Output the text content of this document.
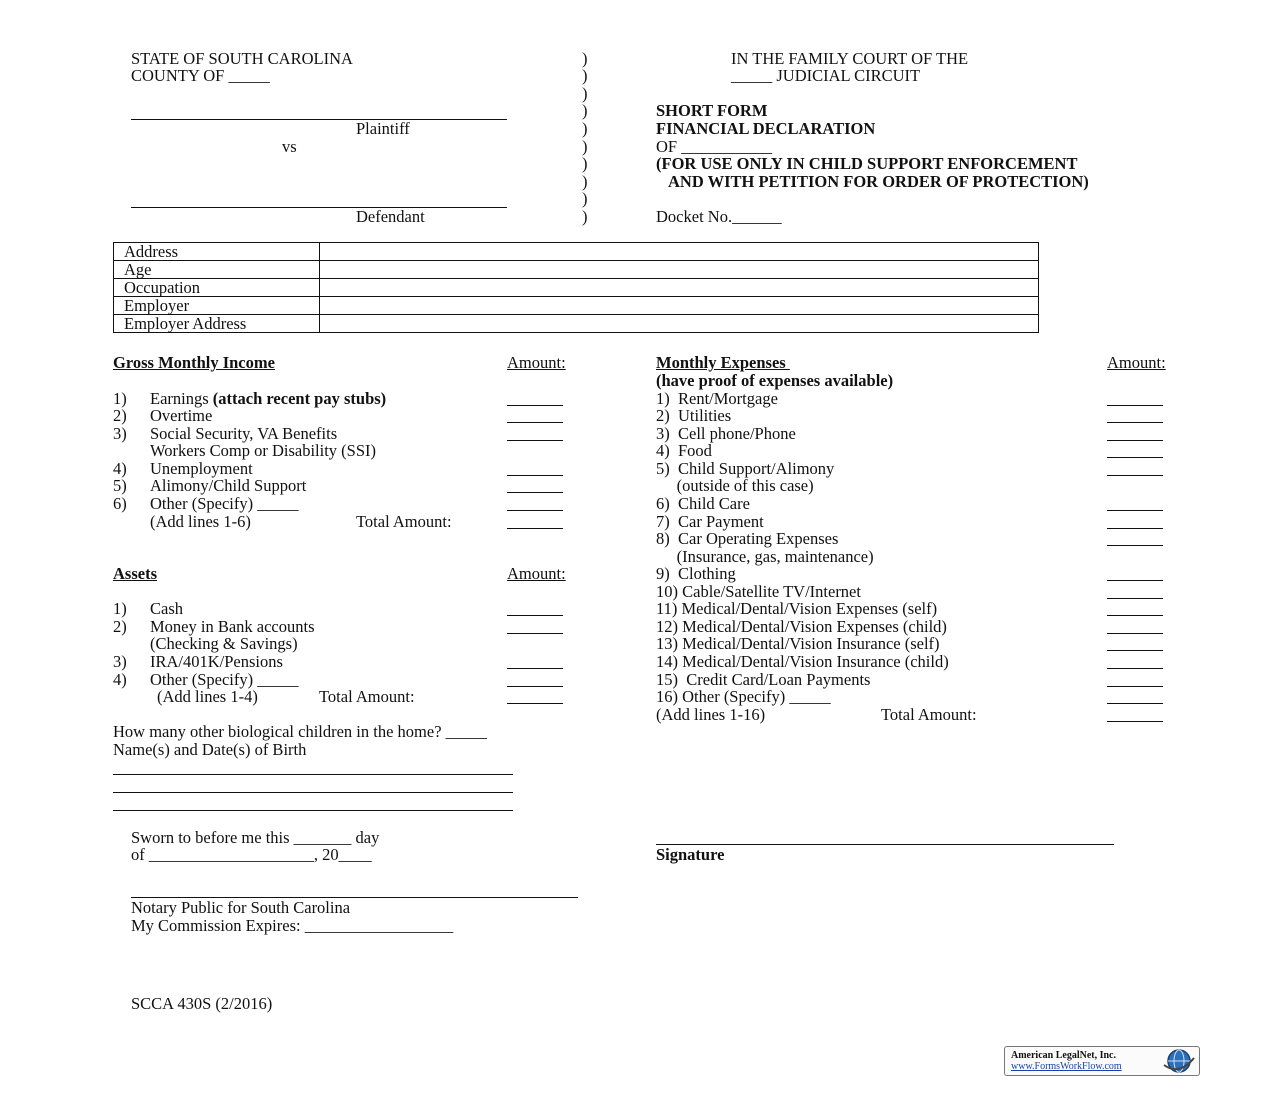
STATE OF SOUTH CAROLINA
COUNTY OF _____
Plaintiff
vs
Defendant
)
)
)
)
)
)
)
)
)
)
IN THE FAMILY COURT OF THE
_____ JUDICIAL CIRCUIT
SHORT FORM
FINANCIAL DECLARATION
OF ___________
(FOR USE ONLY IN CHILD SUPPORT ENFORCEMENT
AND WITH PETITION FOR ORDER OF PROTECTION)
Docket No.______
Address	
Age	
Occupation	
Employer	
Employer Address	
Gross Monthly Income	Amount:
1) Earnings (attach recent pay stubs)
2) Overtime
3) Social Security, VA Benefits
Workers Comp or Disability (SSI)
4) Unemployment
5) Alimony/Child Support
6) Other (Specify) _____
(Add lines 1-6)	Total Amount:
Assets	Amount:
1) Cash
2) Money in Bank accounts
(Checking & Savings)
3) IRA/401K/Pensions
4) Other (Specify) _____
(Add lines 1-4)	Total Amount:
How many other biological children in the home? _____
Name(s) and Date(s) of Birth
Monthly Expenses	Amount:
(have proof of expenses available)
1)  Rent/Mortgage
2)  Utilities
3)  Cell phone/Phone
4)  Food
5)  Child Support/Alimony
(outside of this case)
6)  Child Care
7)  Car Payment
8)  Car Operating Expenses
(Insurance, gas, maintenance)
9)  Clothing
10) Cable/Satellite TV/Internet
11) Medical/Dental/Vision Expenses (self)
12) Medical/Dental/Vision Expenses (child)
13) Medical/Dental/Vision Insurance (self)
14) Medical/Dental/Vision Insurance (child)
15)  Credit Card/Loan Payments
16) Other (Specify) _____
(Add lines 1-16)	Total Amount:
Sworn to before me this _______ day
of ____________________, 20____
Notary Public for South Carolina
My Commission Expires: __________________
Signature
SCCA 430S (2/2016)
American LegalNet, Inc.
www.FormsWorkFlow.com
